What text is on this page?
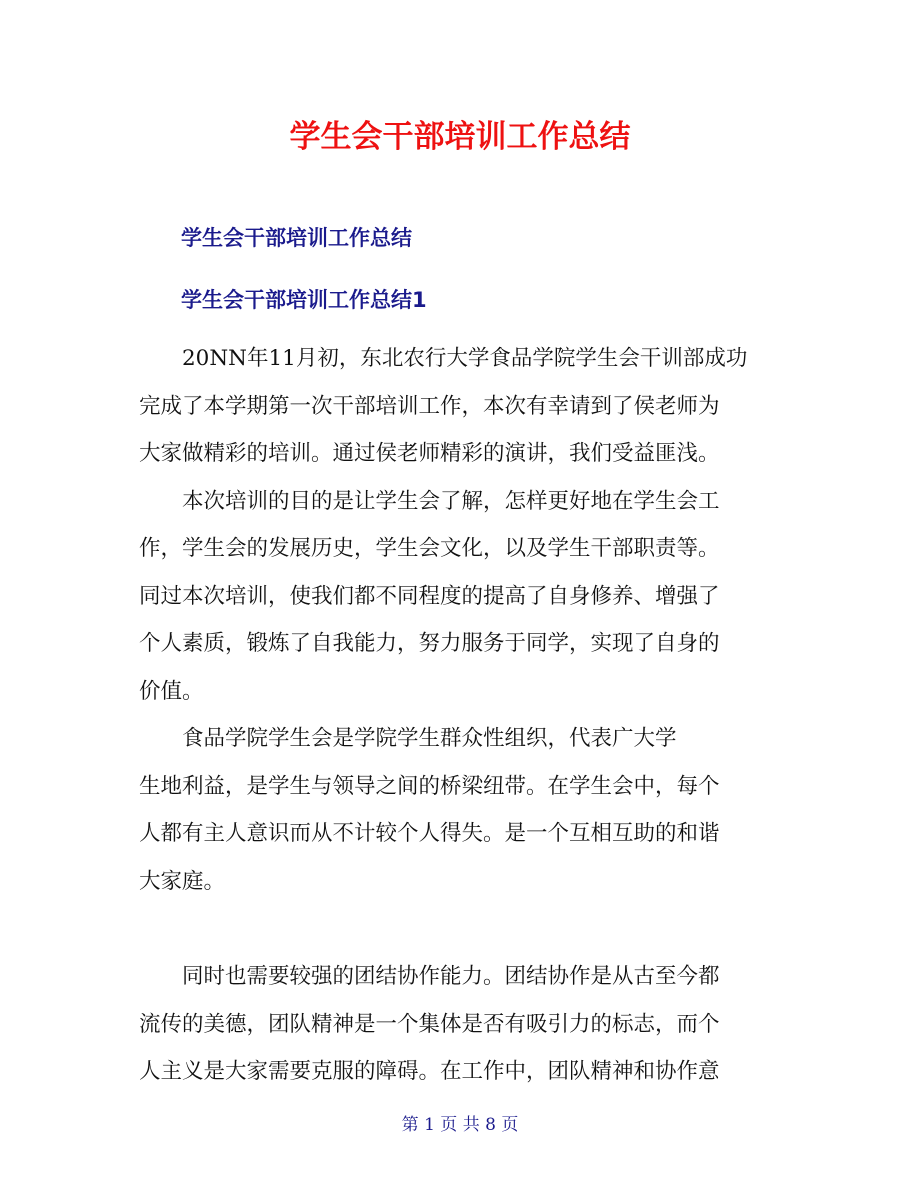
学生会干部培训工作总结
学生会干部培训工作总结
学生会干部培训工作总结1
20NN年11月初，东北农行大学食品学院学生会干训部成功
完成了本学期第一次干部培训工作，本次有幸请到了侯老师为
大家做精彩的培训。通过侯老师精彩的演讲，我们受益匪浅。
本次培训的目的是让学生会了解，怎样更好地在学生会工
作，学生会的发展历史，学生会文化，以及学生干部职责等。
同过本次培训，使我们都不同程度的提高了自身修养、增强了
个人素质，锻炼了自我能力，努力服务于同学，实现了自身的
价值。
食品学院学生会是学院学生群众性组织，代表广大学
生地利益，是学生与领导之间的桥梁纽带。在学生会中，每个
人都有主人意识而从不计较个人得失。是一个互相互助的和谐
大家庭。
同时也需要较强的团结协作能力。团结协作是从古至今都
流传的美德，团队精神是一个集体是否有吸引力的标志，而个
人主义是大家需要克服的障碍。在工作中，团队精神和协作意
第 1 页 共 8 页
